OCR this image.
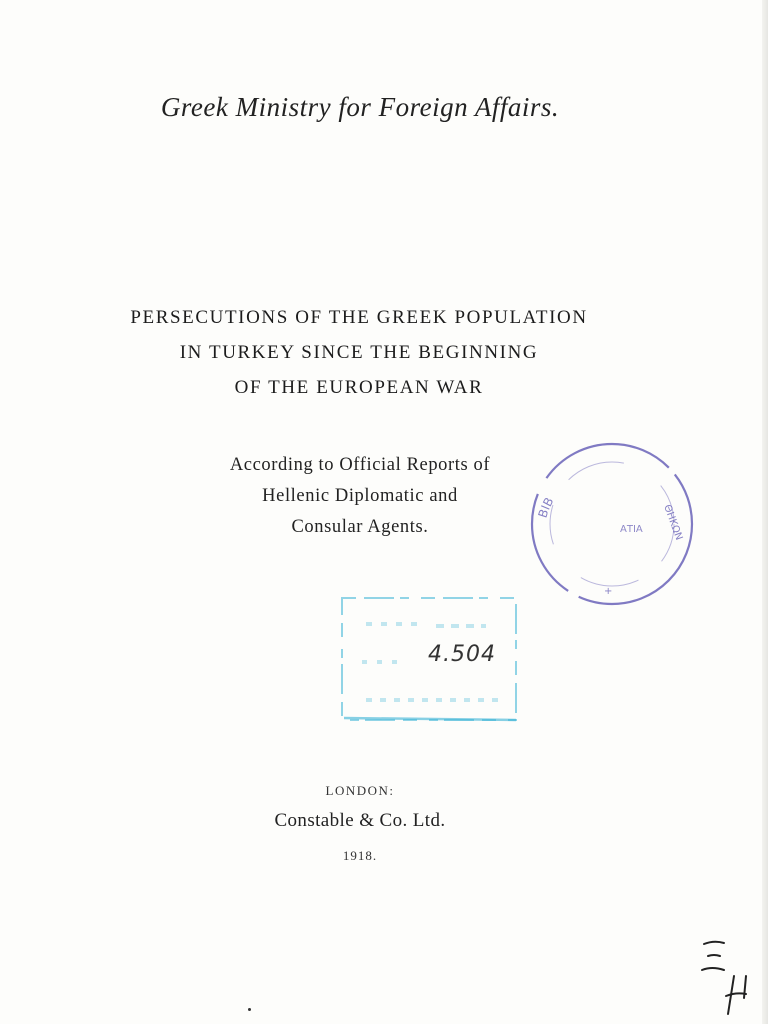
Greek Ministry for Foreign Affairs.
PERSECUTIONS OF THE GREEK POPULATION
IN TURKEY SINCE THE BEGINNING
OF THE EUROPEAN WAR
According to Official Reports of
Hellenic Diplomatic and
Consular Agents.
ΒΙΒ
ΑΤΙΑ ΘΗΚΩΝ
+
4.504
LONDON:
Constable & Co. Ltd.
1918.
